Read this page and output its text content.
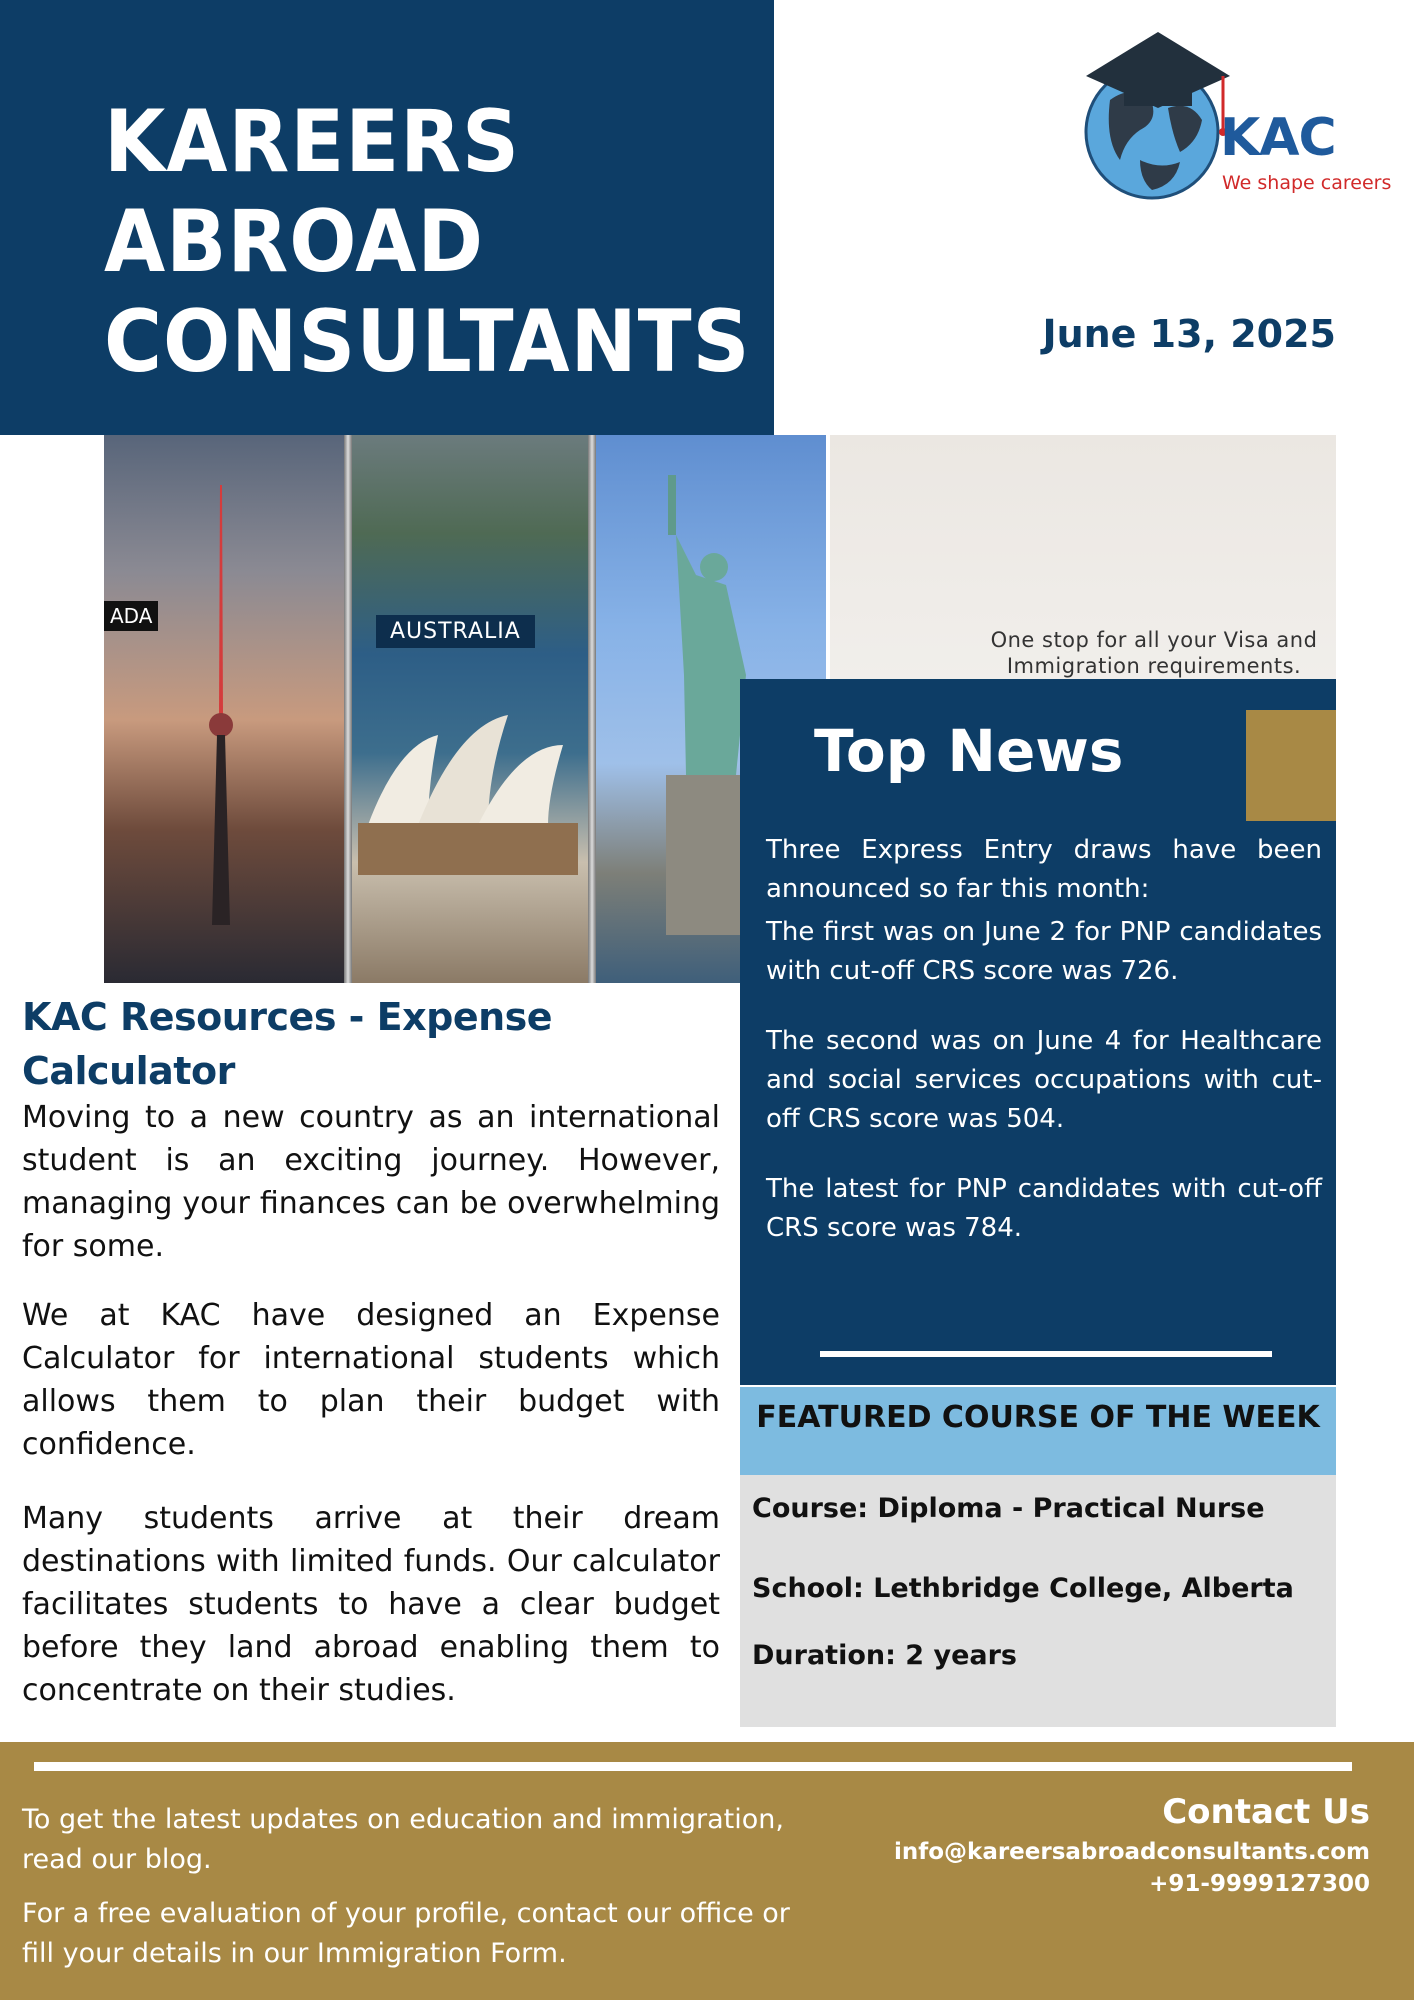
KAREERS
ABROAD
CONSULTANTS
KAC
We shape careers
June 13, 2025
ADA
AUSTRALIA	One stop for all your Visa and
Immigration requirements.
Top News

Three Express Entry draws have been announced so far this month:

The first was on June 2 for PNP candidates with cut-off CRS score was 726.

The second was on June 4 for Healthcare and social services occupations with cut-off CRS score was 504.

The latest for PNP candidates with cut-off CRS score was 784.

FEATURED COURSE OF THE WEEK
Course: Diploma - Practical Nurse
School: Lethbridge College, Alberta
Duration: 2 years
KAC Resources - Expense Calculator

Moving to a new country as an international student is an exciting journey. However, managing your finances can be overwhelming for some.

We at KAC have designed an Expense Calculator for international students which allows them to plan their budget with confidence.

Many students arrive at their dream destinations with limited funds. Our calculator facilitates students to have a clear budget before they land abroad enabling them to concentrate on their studies.

To get the latest updates on education and immigration, read our blog.

For a free evaluation of your profile, contact our office or fill your details in our Immigration Form.

Contact Us
info@kareersabroadconsultants.com
+91-9999127300
